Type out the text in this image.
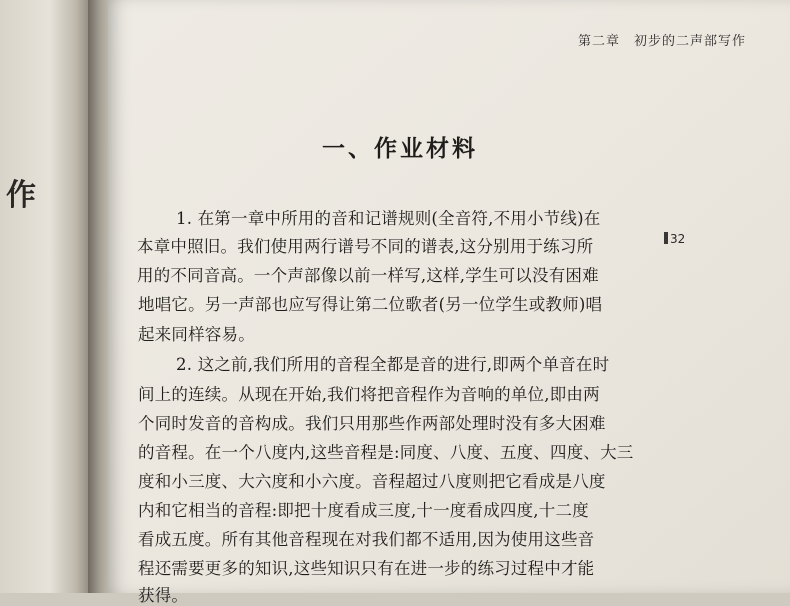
作
第二章　初步的二声部写作
32
一、作业材料
1. 在第一章中所用的音和记谱规则(全音符,不用小节线)在
本章中照旧。我们使用两行谱号不同的谱表,这分别用于练习所
用的不同音高。一个声部像以前一样写,这样,学生可以没有困难
地唱它。另一声部也应写得让第二位歌者(另一位学生或教师)唱
起来同样容易。
2. 这之前,我们所用的音程全都是音的进行,即两个单音在时
间上的连续。从现在开始,我们将把音程作为音响的单位,即由两
个同时发音的音构成。我们只用那些作两部处理时没有多大困难
的音程。在一个八度内,这些音程是:同度、八度、五度、四度、大三
度和小三度、大六度和小六度。音程超过八度则把它看成是八度
内和它相当的音程:即把十度看成三度,十一度看成四度,十二度
看成五度。所有其他音程现在对我们都不适用,因为使用这些音
程还需要更多的知识,这些知识只有在进一步的练习过程中才能
获得。
